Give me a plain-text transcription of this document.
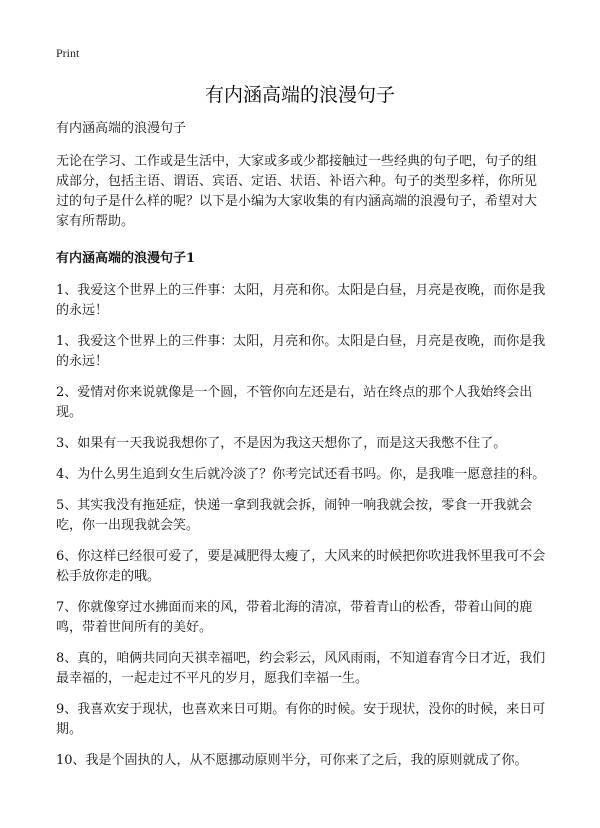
Print
有内涵高端的浪漫句子

有内涵高端的浪漫句子

无论在学习、工作或是生活中，大家或多或少都接触过一些经典的句子吧，句子的组成部分，包括主语、谓语、宾语、定语、状语、补语六种。句子的类型多样，你所见过的句子是什么样的呢？以下是小编为大家收集的有内涵高端的浪漫句子，希望对大家有所帮助。

有内涵高端的浪漫句子1

1、我爱这个世界上的三件事：太阳，月亮和你。太阳是白昼，月亮是夜晚，而你是我的永远！

1、我爱这个世界上的三件事：太阳，月亮和你。太阳是白昼，月亮是夜晚，而你是我的永远！

2、爱情对你来说就像是一个圆，不管你向左还是右，站在终点的那个人我始终会出现。

3、如果有一天我说我想你了，不是因为我这天想你了，而是这天我憋不住了。

4、为什么男生追到女生后就冷淡了？你考完试还看书吗。你，是我唯一愿意挂的科。

5、其实我没有拖延症，快递一拿到我就会拆，闹钟一响我就会按，零食一开我就会吃，你一出现我就会笑。

6、你这样已经很可爱了，要是减肥得太瘦了，大风来的时候把你吹进我怀里我可不会松手放你走的哦。

7、你就像穿过水拂面而来的风，带着北海的清凉，带着青山的松香，带着山间的鹿鸣，带着世间所有的美好。

8、真的，咱俩共同向天祺幸福吧，约会彩云，风风雨雨，不知道春宵今日才近，我们最幸福的，一起走过不平凡的岁月，愿我们幸福一生。

9、我喜欢安于现状，也喜欢来日可期。有你的时候。安于现状，没你的时候，来日可期。

10、我是个固执的人，从不愿挪动原则半分，可你来了之后，我的原则就成了你。
